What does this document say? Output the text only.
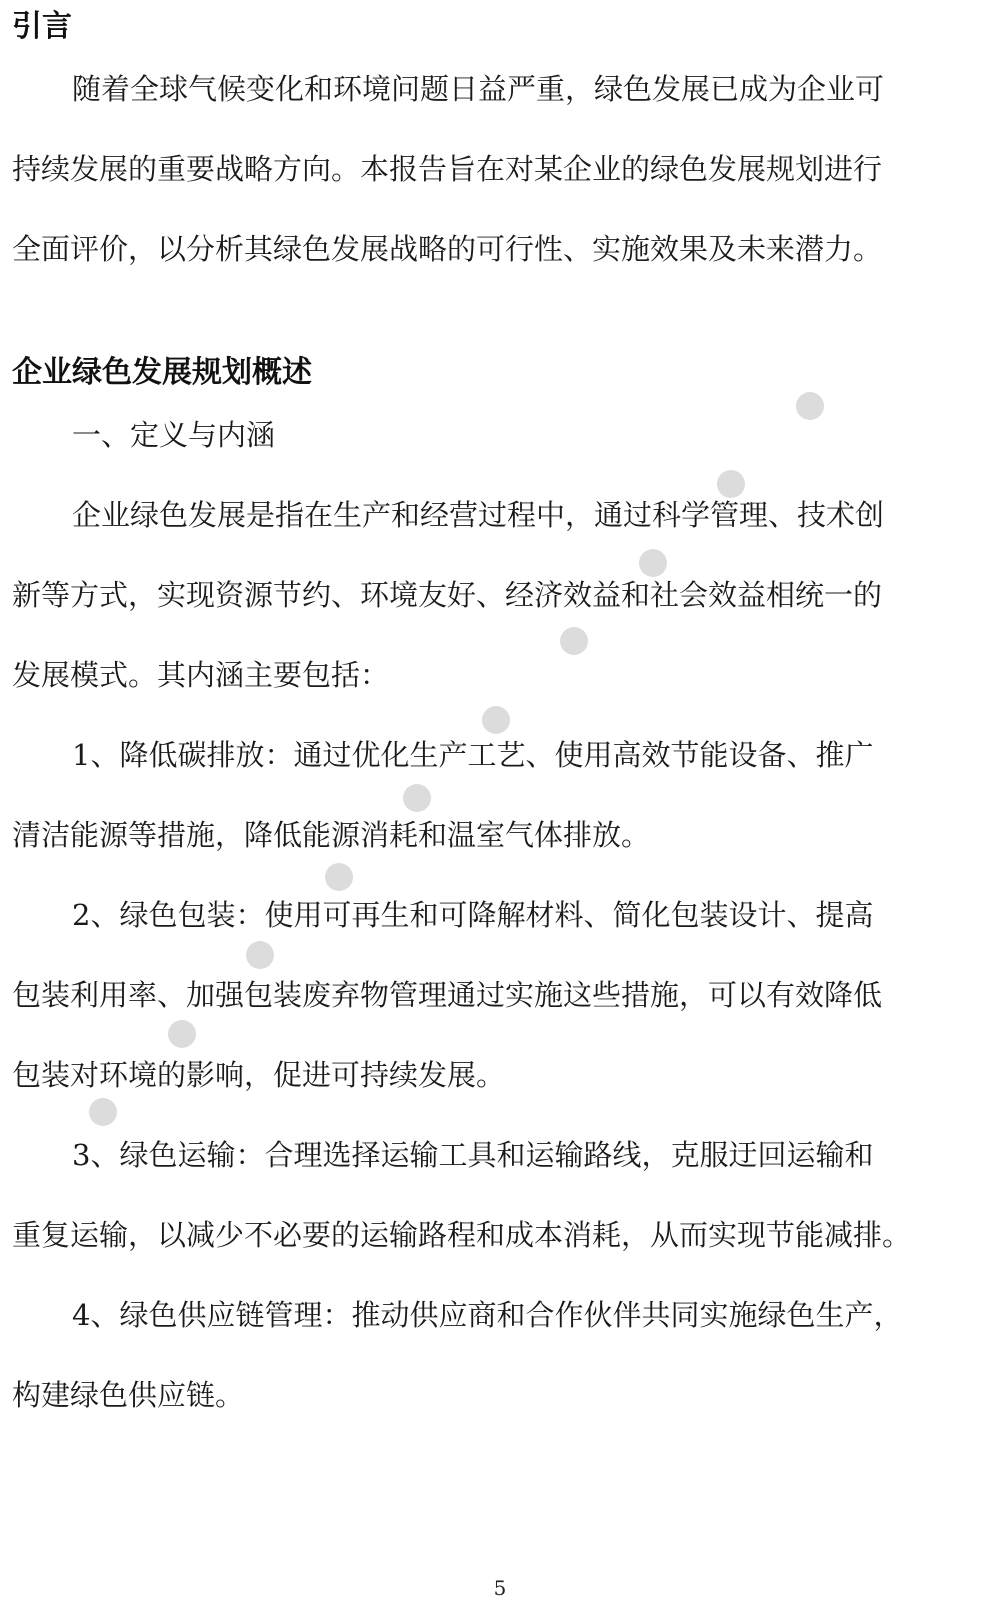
引言
随着全球气候变化和环境问题日益严重，绿色发展已成为企业可
持续发展的重要战略方向。本报告旨在对某企业的绿色发展规划进行
全面评价，以分析其绿色发展战略的可行性、实施效果及未来潜力。
企业绿色发展规划概述
一、定义与内涵
企业绿色发展是指在生产和经营过程中，通过科学管理、技术创
新等方式，实现资源节约、环境友好、经济效益和社会效益相统一的
发展模式。其内涵主要包括：
1、降低碳排放：通过优化生产工艺、使用高效节能设备、推广
清洁能源等措施，降低能源消耗和温室气体排放。
2、绿色包装：使用可再生和可降解材料、简化包装设计、提高
包装利用率、加强包装废弃物管理通过实施这些措施，可以有效降低
包装对环境的影响，促进可持续发展。
3、绿色运输：合理选择运输工具和运输路线，克服迂回运输和
重复运输，以减少不必要的运输路程和成本消耗，从而实现节能减排。
4、绿色供应链管理：推动供应商和合作伙伴共同实施绿色生产，
构建绿色供应链。
5
